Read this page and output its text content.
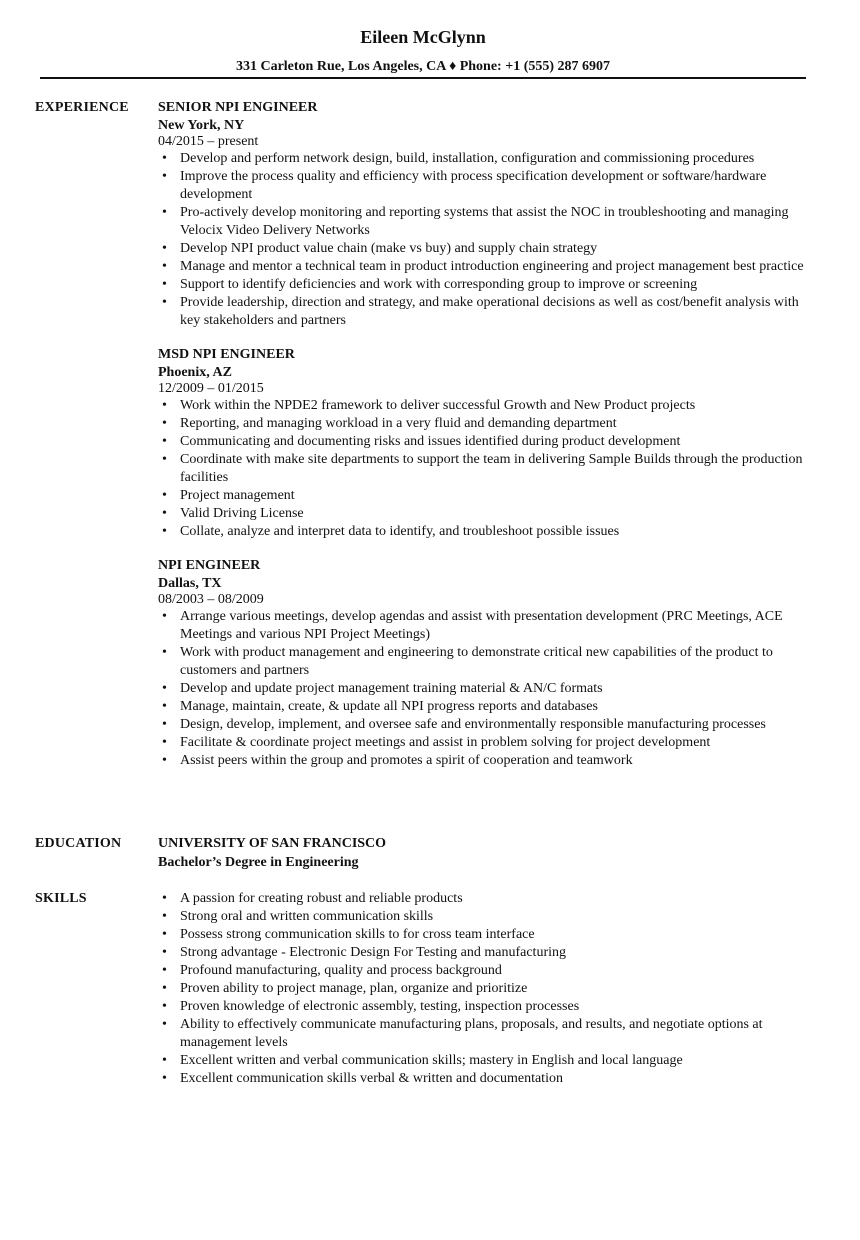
Eileen McGlynn
331 Carleton Rue, Los Angeles, CA ♦ Phone: +1 (555) 287 6907
EXPERIENCE SENIOR NPI ENGINEER
New York, NY
04/2015 – present
• Develop and perform network design, build, installation, configuration and commissioning procedures
• Improve the process quality and efficiency with process specification development or software/hardware development
• Pro-actively develop monitoring and reporting systems that assist the NOC in troubleshooting and managing Velocix Video Delivery Networks
• Develop NPI product value chain (make vs buy) and supply chain strategy
• Manage and mentor a technical team in product introduction engineering and project management best practice
• Support to identify deficiencies and work with corresponding group to improve or screening
• Provide leadership, direction and strategy, and make operational decisions as well as cost/benefit analysis with key stakeholders and partners
MSD NPI ENGINEER
Phoenix, AZ
12/2009 – 01/2015
• Work within the NPDE2 framework to deliver successful Growth and New Product projects
• Reporting, and managing workload in a very fluid and demanding department
• Communicating and documenting risks and issues identified during product development
• Coordinate with make site departments to support the team in delivering Sample Builds through the production facilities
• Project management
• Valid Driving License
• Collate, analyze and interpret data to identify, and troubleshoot possible issues
NPI ENGINEER
Dallas, TX
08/2003 – 08/2009
• Arrange various meetings, develop agendas and assist with presentation development (PRC Meetings, ACE Meetings and various NPI Project Meetings)
• Work with product management and engineering to demonstrate critical new capabilities of the product to customers and partners
• Develop and update project management training material & AN/C formats
• Manage, maintain, create, & update all NPI progress reports and databases
• Design, develop, implement, and oversee safe and environmentally responsible manufacturing processes
• Facilitate & coordinate project meetings and assist in problem solving for project development
• Assist peers within the group and promotes a spirit of cooperation and teamwork
EDUCATION	UNIVERSITY OF SAN FRANCISCO
Bachelor’s Degree in Engineering
SKILLS
•	A passion for creating robust and reliable products
• Strong oral and written communication skills
• Possess strong communication skills to for cross team interface
• Strong advantage - Electronic Design For Testing and manufacturing
• Profound manufacturing, quality and process background
• Proven ability to project manage, plan, organize and prioritize
• Proven knowledge of electronic assembly, testing, inspection processes
• Ability to effectively communicate manufacturing plans, proposals, and results, and negotiate options at management levels
• Excellent written and verbal communication skills; mastery in English and local language
• Excellent communication skills verbal & written and documentation
